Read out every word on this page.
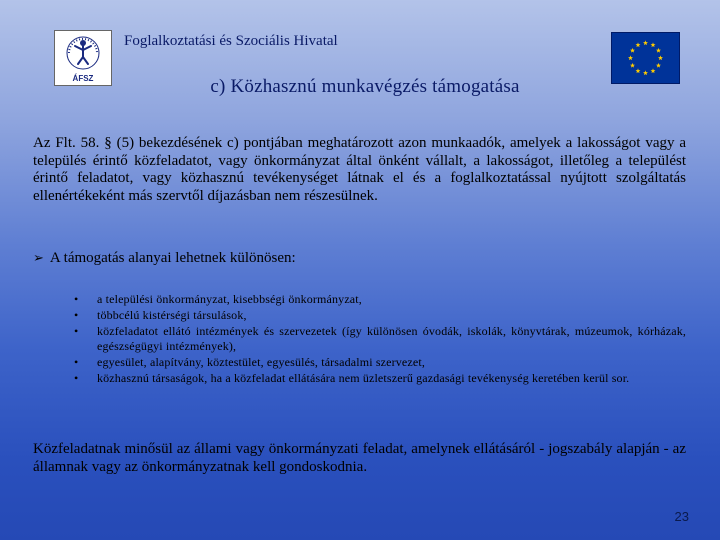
ÁFSZ
Foglalkoztatási és Szociális Hivatal
c) Közhasznú munkavégzés támogatása

Az Flt. 58. § (5) bekezdésének c) pontjában meghatározott azon munkaadók, amelyek a lakosságot vagy a település érintő közfeladatot, vagy önkormányzat által önként vállalt, a lakosságot, illetőleg a települést érintő feladatot, vagy közhasznú tevékenységet látnak el és a foglalkoztatással nyújtott szolgáltatás ellenértékeként más szervtől díjazásban nem részesülnek.

➢ A támogatás alanyai lehetnek különösen:
• a települési önkormányzat, kisebbségi önkormányzat,
• többcélú kistérségi társulások,
• közfeladatot ellátó intézmények és szervezetek (így különösen óvodák, iskolák, könyvtárak, múzeumok, kórházak, egészségügyi intézmények),
• egyesület, alapítvány, köztestület, egyesülés, társadalmi szervezet,
• közhasznú társaságok, ha a közfeladat ellátására nem üzletszerű gazdasági tevékenység keretében kerül sor.

Közfeladatnak minősül az állami vagy önkormányzati feladat, amelynek ellátásáról - jogszabály alapján - az államnak vagy az önkormányzatnak kell gondoskodnia.

23
